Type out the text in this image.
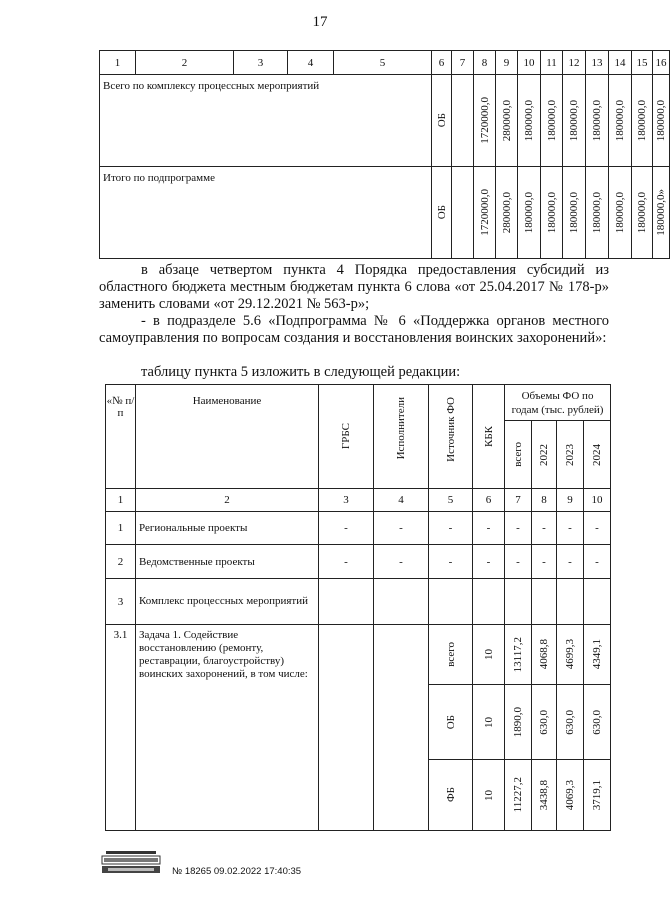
17
1	2	3	4	5	6	7	8	9	10	11	12	13	14	15	16
Всего по комплексу процессных мероприятий					ОБ		1720000,0	280000,0	180000,0	180000,0	180000,0	180000,0	180000,0	180000,0	180000,0

Итого по подпрограмме					ОБ		1720000,0	280000,0	180000,0	180000,0	180000,0	180000,0	180000,0	180000,0	180000,0»
в абзаце четвертом пункта 4 Порядка предоставления субсидий из областного бюджета местным бюджетам пункта 6 слова «от 25.04.2017 № 178-р» заменить словами «от 29.12.2021 № 563-р»;
- в подразделе 5.6 «Подпрограмма № 6 «Поддержка органов местного самоуправления по вопросам создания и восстановления воинских захоронений»:
таблицу пункта 5 изложить в следующей редакции:
«№ п/п	Наименование	ГРБС	Исполнители	Источник ФО	КБК	Объемы ФО по годам (тыс. рублей)			

						всего	2022	2023	2024

1	2	3	4	5	6	7	8	9	10
1	Региональные проекты	-	-	-	-	-	-	-	-
2	Ведомственные проекты	-	-	-	-	-	-	-	-
3	Комплекс процессных мероприятий								
3.1	Задача 1. Содействие восстановлению (ремонту, реставрации, благоустройству) воинских захоронений, в том числе:			всего	10	13117,2	4068,8	4699,3	4349,1

				ОБ	10	1890,0	630,0	630,0	630,0

				ФБ	10	11227,2	3438,8	4069,3	3719,1
№ 18265 09.02.2022 17:40:35
